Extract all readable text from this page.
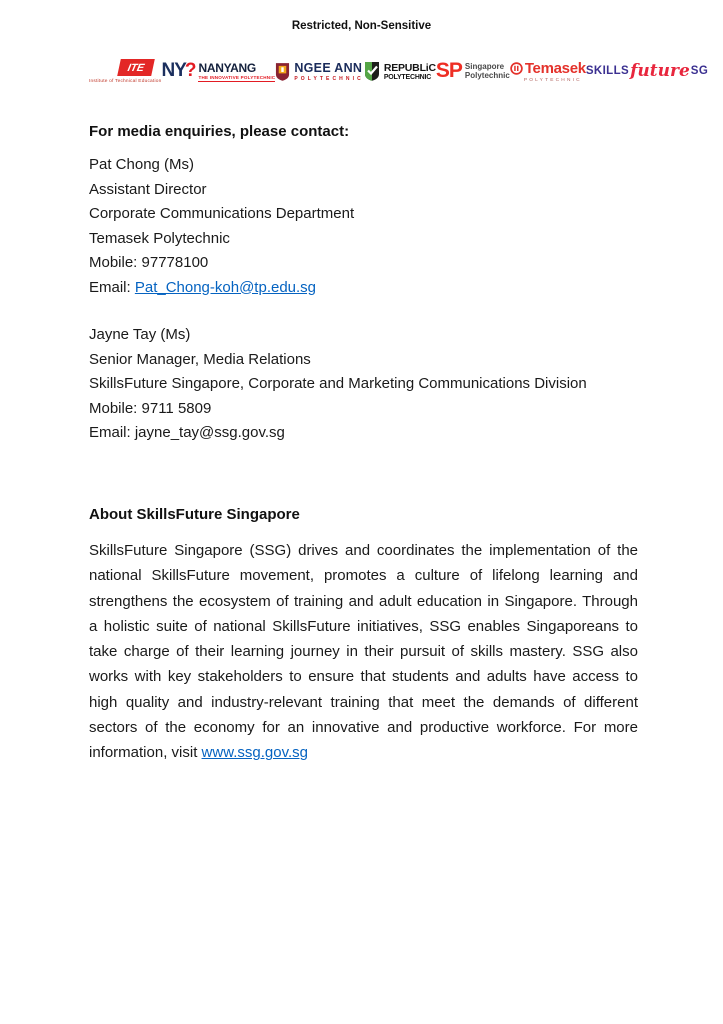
Restricted, Non-Sensitive
ITE
Institute of Technical Education NY? NANYANG
THE INNOVATIVE POLYTECHNIC
NGEE ANN
POLYTECHNIC
REPUBLiC
POLYTECHNIC SP Singapore
Polytechnic Temasek
POLYTECHNIC
SKILLS future SG

For media enquiries, please contact:

Pat Chong (Ms)
Assistant Director
Corporate Communications Department
Temasek Polytechnic
Mobile: 97778100
Email: Pat_Chong-koh@tp.edu.sg
Jayne Tay (Ms)
Senior Manager, Media Relations
SkillsFuture Singapore, Corporate and Marketing Communications Division
Mobile: 9711 5809
Email: jayne_tay@ssg.gov.sg

About SkillsFuture Singapore

SkillsFuture Singapore (SSG) drives and coordinates the implementation of the national SkillsFuture movement, promotes a culture of lifelong learning and strengthens the ecosystem of training and adult education in Singapore. Through a holistic suite of national SkillsFuture initiatives, SSG enables Singaporeans to take charge of their learning journey in their pursuit of skills mastery. SSG also works with key stakeholders to ensure that students and adults have access to high quality and industry-relevant training that meet the demands of different sectors of the economy for an innovative and productive workforce. For more information, visit www.ssg.gov.sg
